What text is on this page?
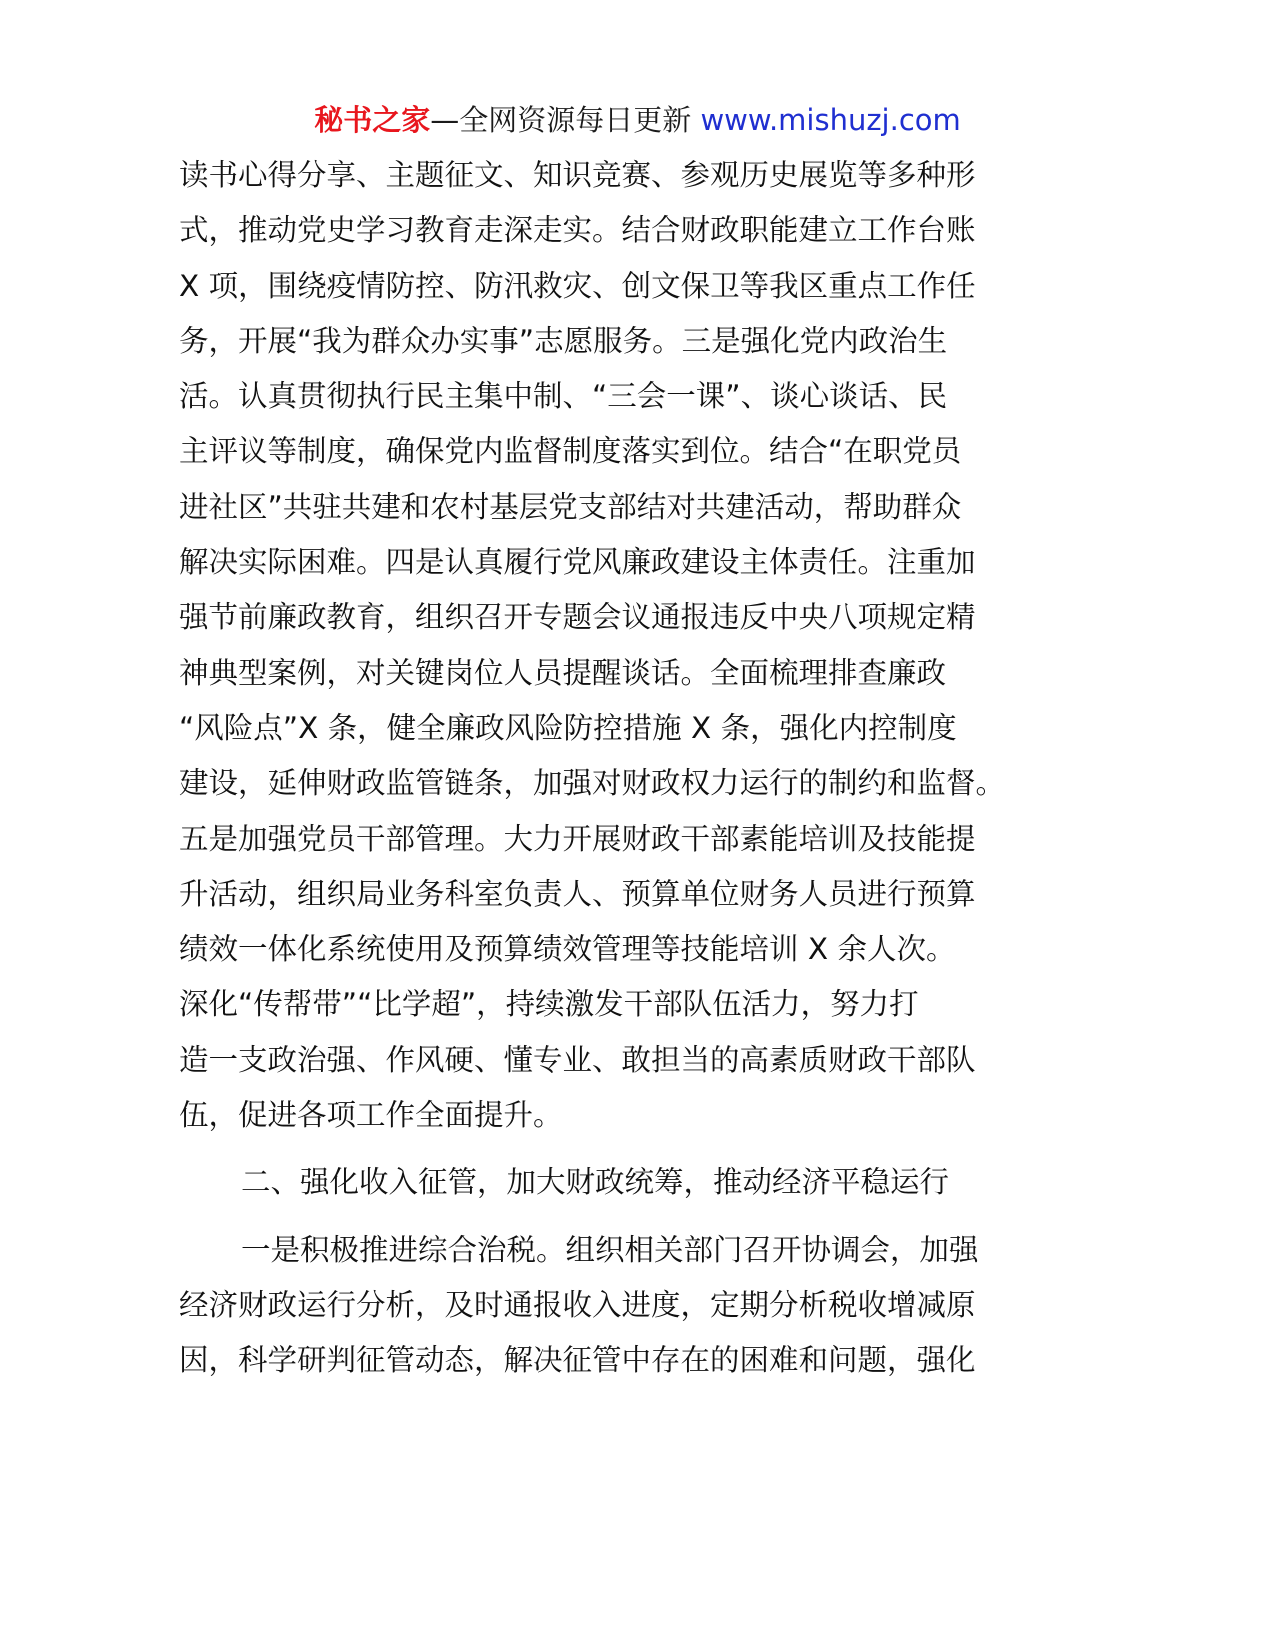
秘书之家—全网资源每日更新 www.mishuzj.com
读书心得分享、主题征文、知识竞赛、参观历史展览等多种形
式，推动党史学习教育走深走实。结合财政职能建立工作台账
X 项，围绕疫情防控、防汛救灾、创文保卫等我区重点工作任
务，开展“我为群众办实事”志愿服务。三是强化党内政治生
活。认真贯彻执行民主集中制、“三会一课”、谈心谈话、民
主评议等制度，确保党内监督制度落实到位。结合“在职党员
进社区”共驻共建和农村基层党支部结对共建活动，帮助群众
解决实际困难。四是认真履行党风廉政建设主体责任。注重加
强节前廉政教育，组织召开专题会议通报违反中央八项规定精
神典型案例，对关键岗位人员提醒谈话。全面梳理排查廉政
“风险点”X 条，健全廉政风险防控措施 X 条，强化内控制度
建设，延伸财政监管链条，加强对财政权力运行的制约和监督。
五是加强党员干部管理。大力开展财政干部素能培训及技能提
升活动，组织局业务科室负责人、预算单位财务人员进行预算
绩效一体化系统使用及预算绩效管理等技能培训 X 余人次。
深化“传帮带”“比学超”，持续激发干部队伍活力，努力打
造一支政治强、作风硬、懂专业、敢担当的高素质财政干部队
伍，促进各项工作全面提升。
二、强化收入征管，加大财政统筹，推动经济平稳运行
一是积极推进综合治税。组织相关部门召开协调会，加强
经济财政运行分析，及时通报收入进度，定期分析税收增减原
因，科学研判征管动态，解决征管中存在的困难和问题，强化
